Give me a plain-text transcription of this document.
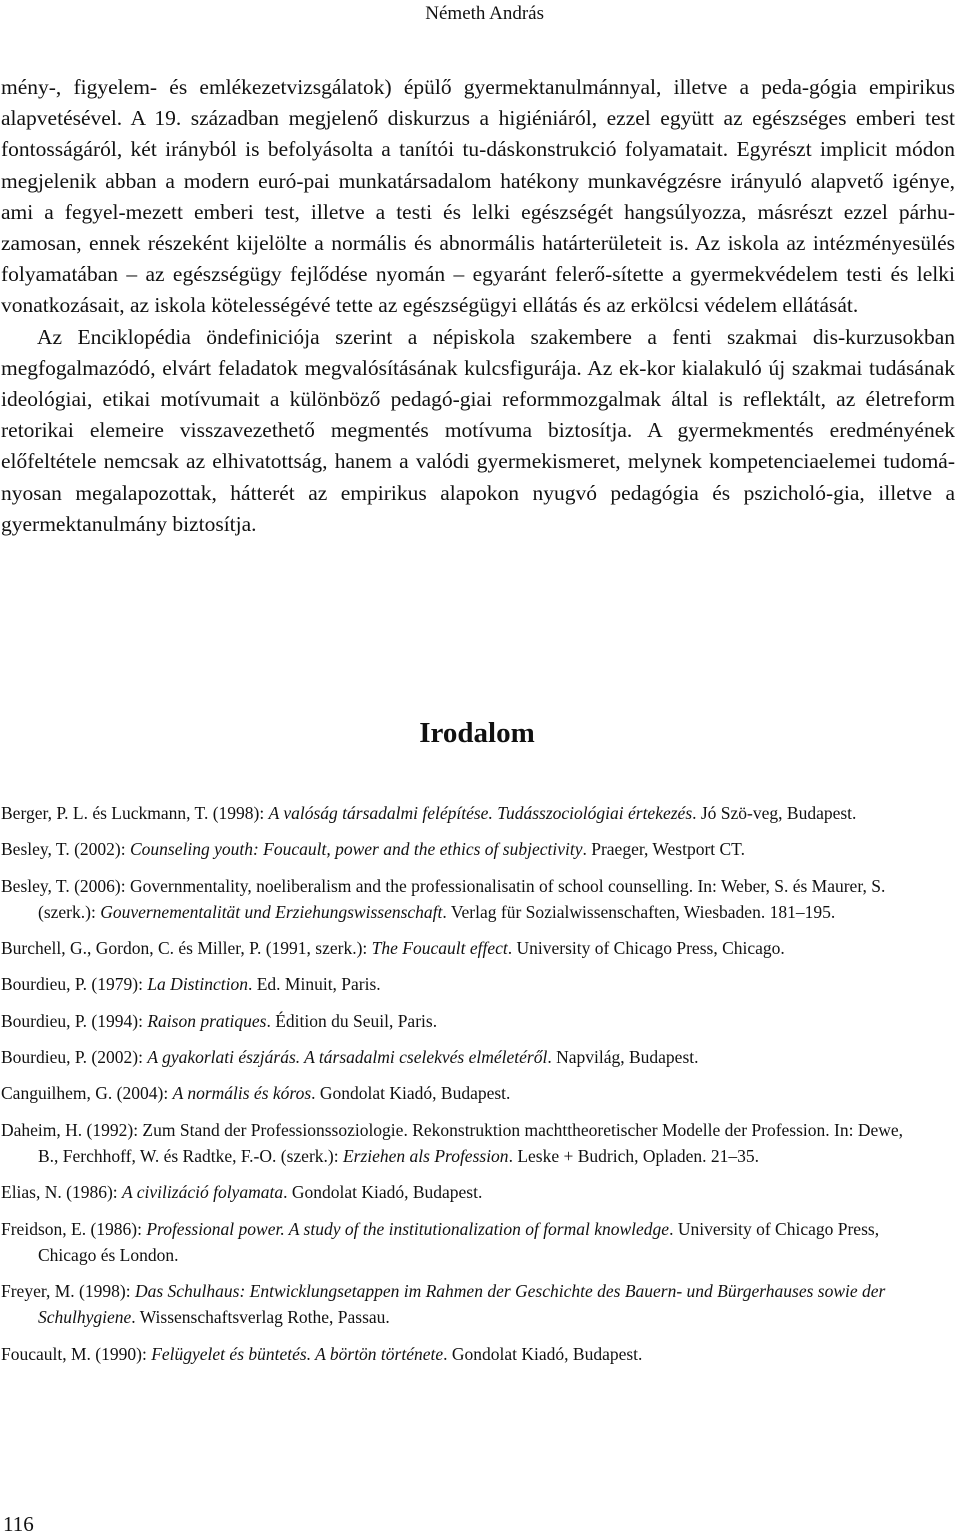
Németh András

mény-, figyelem- és emlékezetvizsgálatok) épülő gyermektanulmánnyal, illetve a peda-gógia empirikus alapvetésével. A 19. században megjelenő diskurzus a higiéniáról, ezzel együtt az egészséges emberi test fontosságáról, két irányból is befolyásolta a tanítói tu-dáskonstrukció folyamatait. Egyrészt implicit módon megjelenik abban a modern euró-pai munkatársadalom hatékony munkavégzésre irányuló alapvető igénye, ami a fegyel-mezett emberi test, illetve a testi és lelki egészségét hangsúlyozza, másrészt ezzel párhu-zamosan, ennek részeként kijelölte a normális és abnormális határterületeit is. Az iskola az intézményesülés folyamatában – az egészségügy fejlődése nyomán – egyaránt felerő-sítette a gyermekvédelem testi és lelki vonatkozásait, az iskola kötelességévé tette az egészségügyi ellátás és az erkölcsi védelem ellátását.

Az Enciklopédia öndefiniciója szerint a népiskola szakembere a fenti szakmai dis-kurzusokban megfogalmazódó, elvárt feladatok megvalósításának kulcsfigurája. Az ek-kor kialakuló új szakmai tudásának ideológiai, etikai motívumait a különböző pedagó-giai reformmozgalmak által is reflektált, az életreform retorikai elemeire visszavezethető megmentés motívuma biztosítja. A gyermekmentés eredményének előfeltétele nemcsak az elhivatottság, hanem a valódi gyermekismeret, melynek kompetenciaelemei tudomá-nyosan megalapozottak, hátterét az empirikus alapokon nyugvó pedagógia és pszicholó-gia, illetve a gyermektanulmány biztosítja.

Irodalom
Berger, P. L. és Luckmann, T. (1998): A valóság társadalmi felépítése. Tudásszociológiai értekezés. Jó Szö-veg, Budapest.
Besley, T. (2002): Counseling youth: Foucault, power and the ethics of subjectivity. Praeger, Westport CT.
Besley, T. (2006): Governmentality, noeliberalism and the professionalisatin of school counselling. In: Weber, S. és Maurer, S. (szerk.): Gouvernementalität und Erziehungswissenschaft. Verlag für Sozialwissenschaften, Wiesbaden. 181–195.
Burchell, G., Gordon, C. és Miller, P. (1991, szerk.): The Foucault effect. University of Chicago Press, Chicago.
Bourdieu, P. (1979): La Distinction. Ed. Minuit, Paris.
Bourdieu, P. (1994): Raison pratiques. Édition du Seuil, Paris.
Bourdieu, P. (2002): A gyakorlati észjárás. A társadalmi cselekvés elméletéről. Napvilág, Budapest.
Canguilhem, G. (2004): A normális és kóros. Gondolat Kiadó, Budapest.
Daheim, H. (1992): Zum Stand der Professionssoziologie. Rekonstruktion machttheoretischer Modelle der Profession. In: Dewe, B., Ferchhoff, W. és Radtke, F.-O. (szerk.): Erziehen als Profession. Leske + Budrich, Opladen. 21–35.
Elias, N. (1986): A civilizáció folyamata. Gondolat Kiadó, Budapest.
Freidson, E. (1986): Professional power. A study of the institutionalization of formal knowledge. University of Chicago Press, Chicago és London.
Freyer, M. (1998): Das Schulhaus: Entwicklungsetappen im Rahmen der Geschichte des Bauern- und Bürgerhauses sowie der Schulhygiene. Wissenschaftsverlag Rothe, Passau.
Foucault, M. (1990): Felügyelet és büntetés. A börtön története. Gondolat Kiadó, Budapest.
116
